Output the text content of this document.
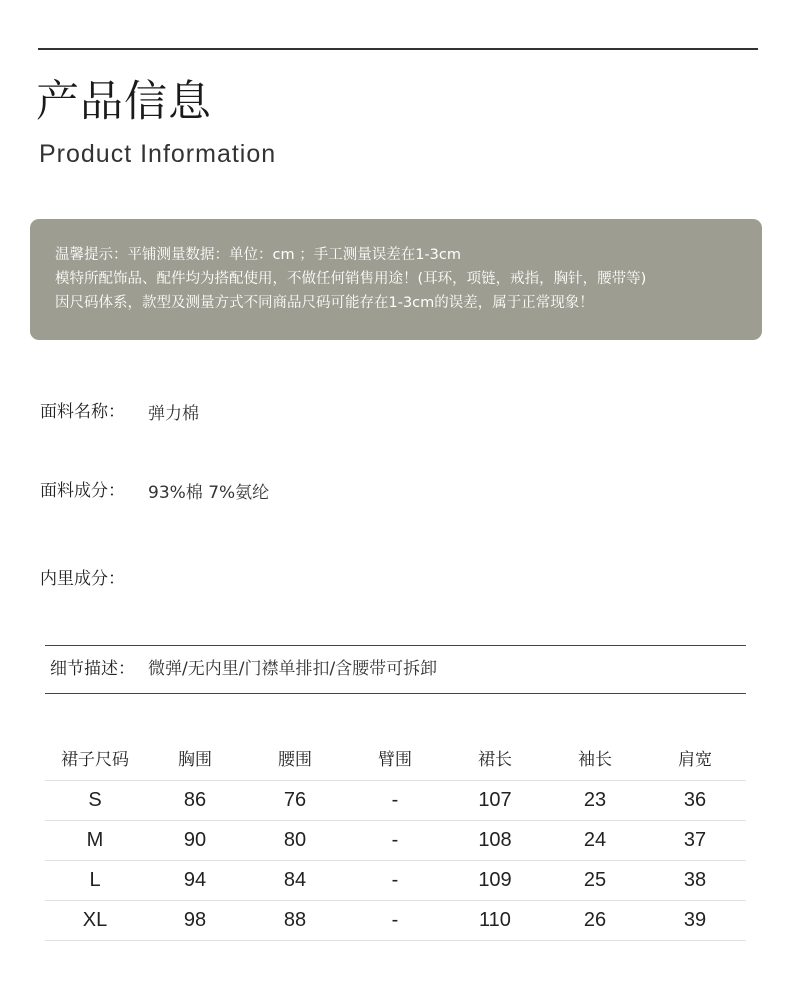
产品信息
Product Information
温馨提示：平铺测量数据：单位：cm ；手工测量误差在1-3cm
模特所配饰品、配件均为搭配使用，不做任何销售用途！(耳环，项链，戒指，胸针，腰带等)
因尺码体系，款型及测量方式不同商品尺码可能存在1-3cm的误差，属于正常现象！
面料名称： 弹力棉
面料成分： 93%棉 7%氨纶
内里成分：
细节描述： 微弹/无内里/门襟单排扣/含腰带可拆卸
裙子尺码	胸围	腰围	臂围	裙长	袖长	肩宽
S	86	76	-	107	23	36
M	90	80	-	108	24	37
L	94	84	-	109	25	38
XL	98	88	-	110	26	39
